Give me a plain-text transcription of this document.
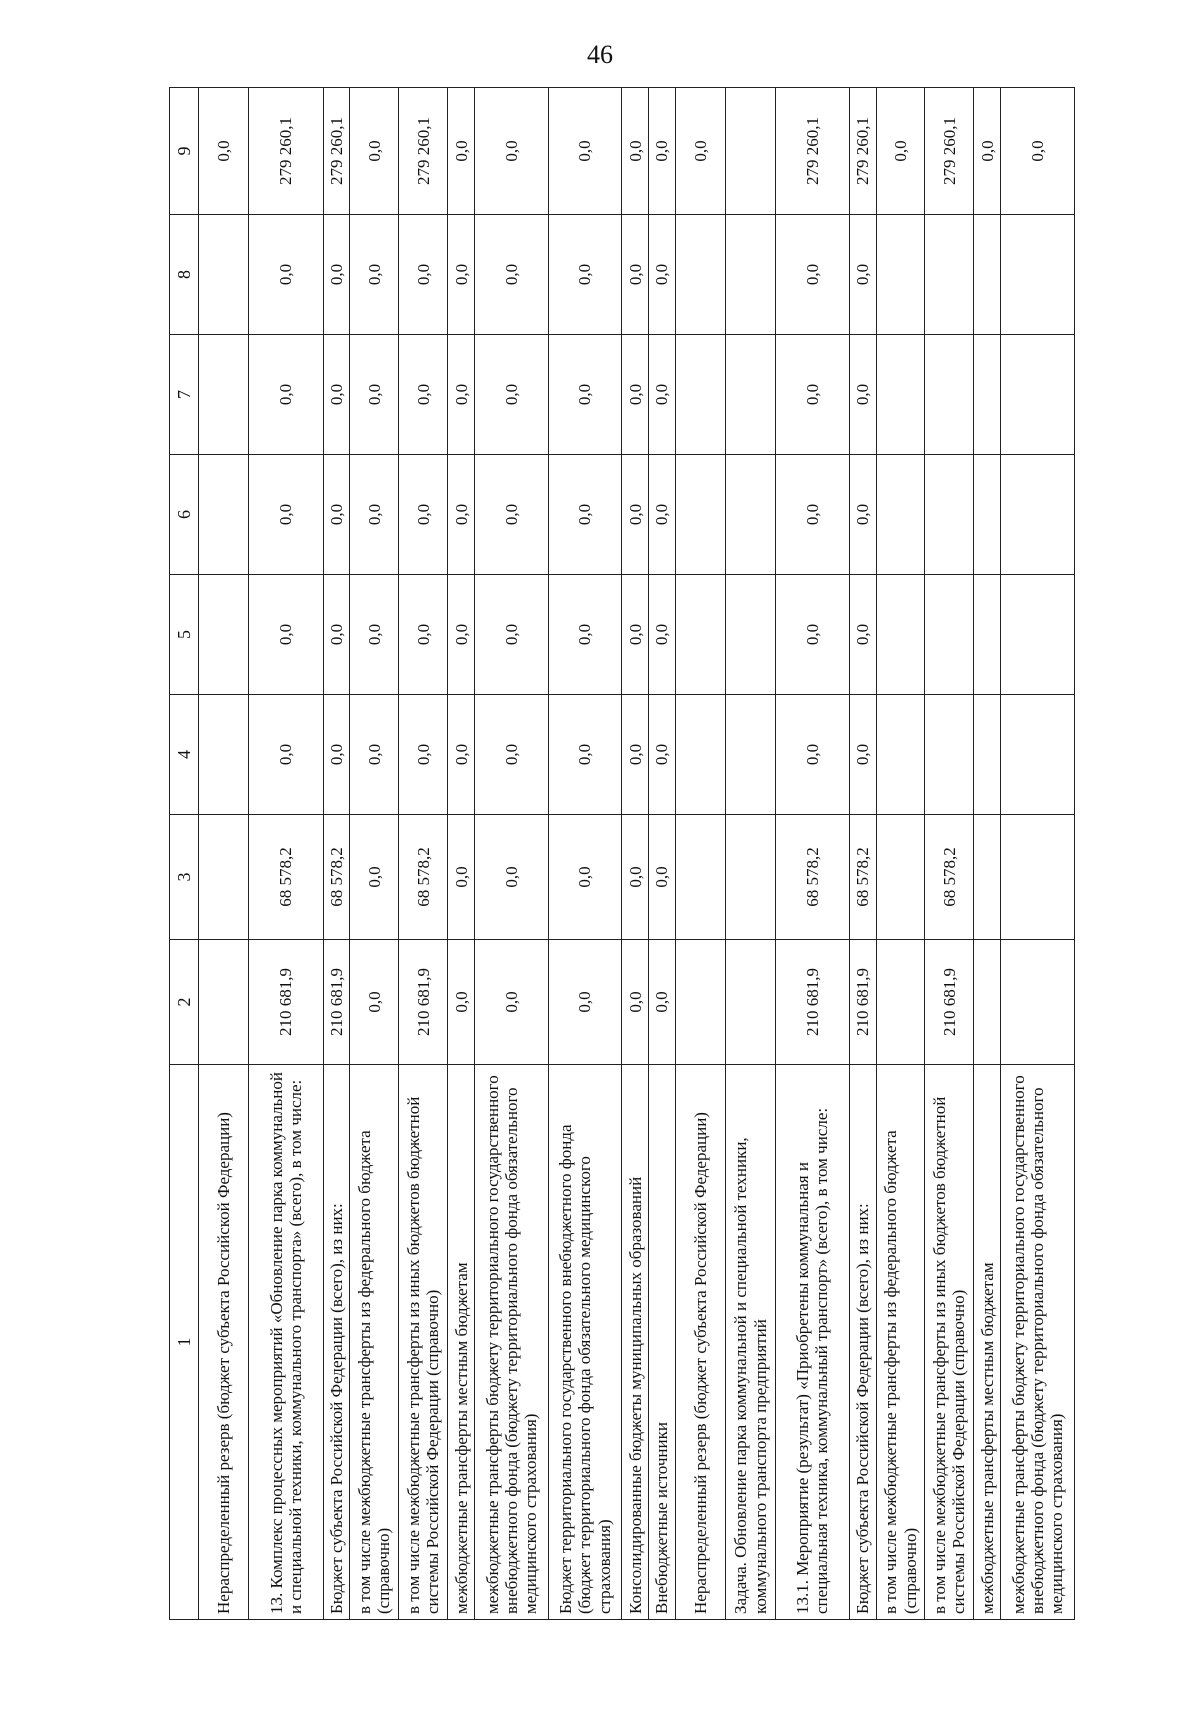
46
1	2	3	4	5	6	7	8	9
Нераспределенный резерв (бюджет субъекта Российской Федерации)								0,0
13. Комплекс процессных мероприятий «Обновление парка коммунальной и специальной техники, коммунального транспорта» (всего), в том числе:	210 681,9	68 578,2	0,0	0,0	0,0	0,0	0,0	279 260,1
Бюджет субъекта Российской Федерации (всего), из них:	210 681,9	68 578,2	0,0	0,0	0,0	0,0	0,0	279 260,1
в том числе межбюджетные трансферты из федерального бюджета (справочно)	0,0	0,0	0,0	0,0	0,0	0,0	0,0	0,0
в том числе межбюджетные трансферты из иных бюджетов бюджетной системы Российской Федерации (справочно)	210 681,9	68 578,2	0,0	0,0	0,0	0,0	0,0	279 260,1
межбюджетные трансферты местным бюджетам	0,0	0,0	0,0	0,0	0,0	0,0	0,0	0,0
межбюджетные трансферты бюджету территориального государственного внебюджетного фонда (бюджету территориального фонда обязательного медицинского страхования)	0,0	0,0	0,0	0,0	0,0	0,0	0,0	0,0
Бюджет территориального государственного внебюджетного фонда (бюджет территориального фонда обязательного медицинского страхования)	0,0	0,0	0,0	0,0	0,0	0,0	0,0	0,0
Консолидированные бюджеты муниципальных образований	0,0	0,0	0,0	0,0	0,0	0,0	0,0	0,0
Внебюджетные источники	0,0	0,0	0,0	0,0	0,0	0,0	0,0	0,0
Нераспределенный резерв (бюджет субъекта Российской Федерации)								0,0
Задача. Обновление парка коммунальной и специальной техники, коммунального транспорта предприятий								
13.1. Мероприятие (результат) «Приобретены коммунальная и специальная техника, коммунальный транспорт» (всего), в том числе:	210 681,9	68 578,2	0,0	0,0	0,0	0,0	0,0	279 260,1
Бюджет субъекта Российской Федерации (всего), из них:	210 681,9	68 578,2	0,0	0,0	0,0	0,0	0,0	279 260,1
в том числе межбюджетные трансферты из федерального бюджета (справочно)								0,0
в том числе межбюджетные трансферты из иных бюджетов бюджетной системы Российской Федерации (справочно)	210 681,9	68 578,2						279 260,1
межбюджетные трансферты местным бюджетам								0,0
межбюджетные трансферты бюджету территориального государственного внебюджетного фонда (бюджету территориального фонда обязательного медицинского страхования)								0,0
